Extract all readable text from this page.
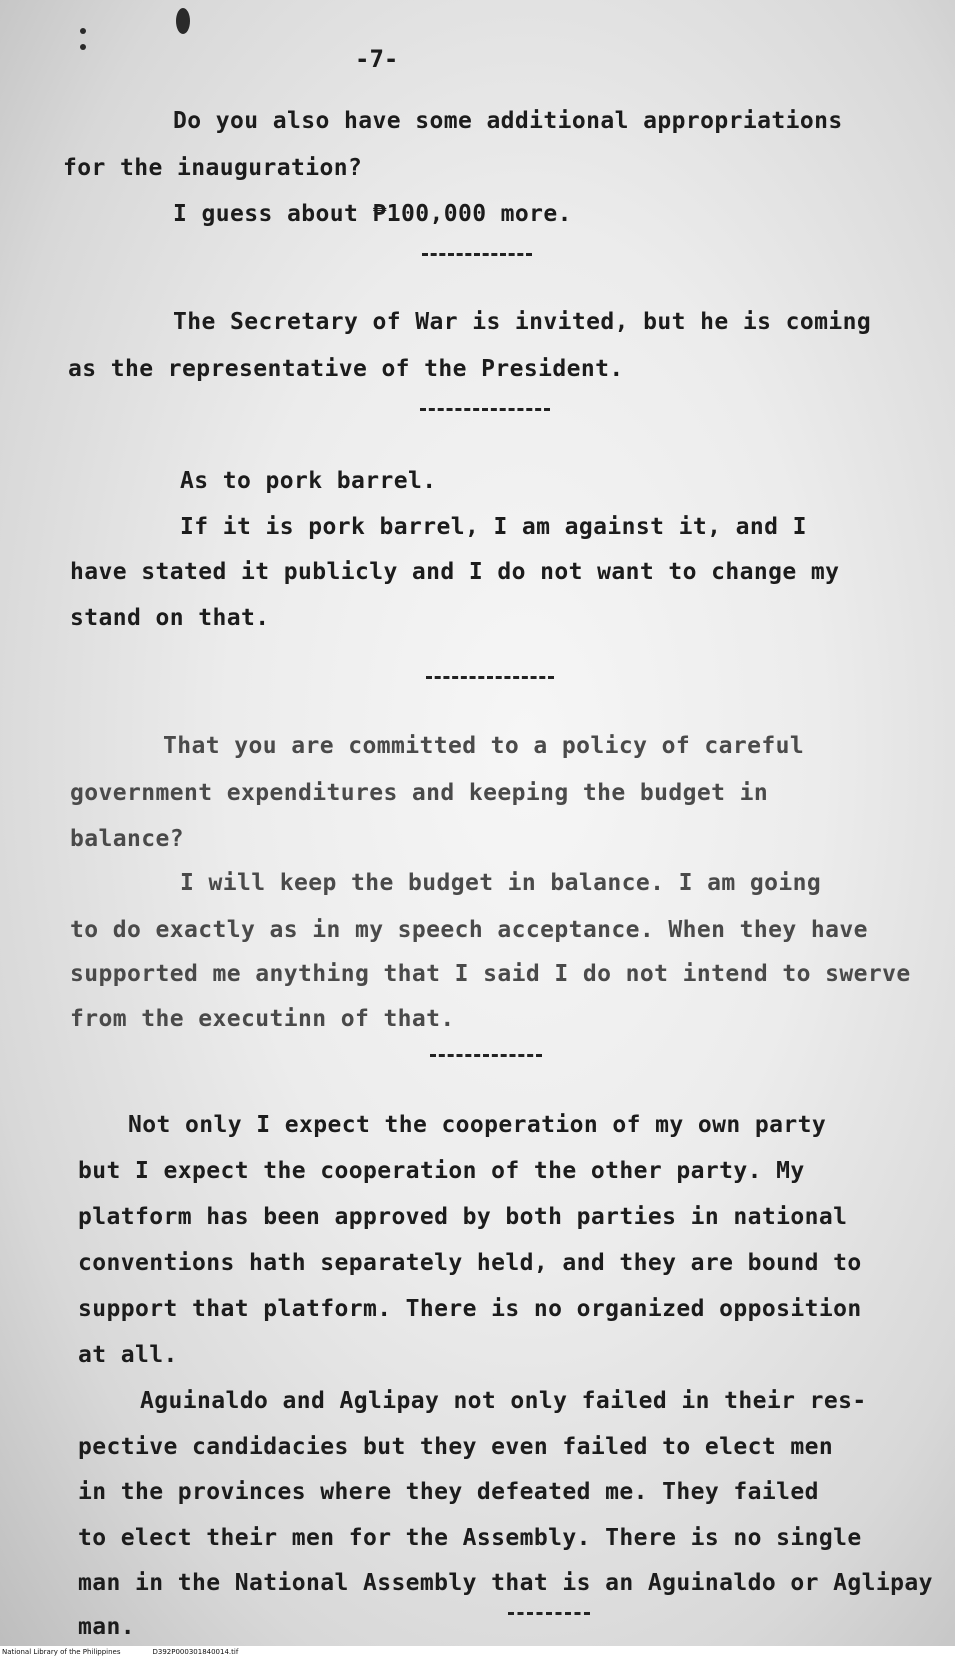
-7-
Do you also have some additional appropriations
for the inauguration?
I guess about ₱100,000 more.
The Secretary of War is invited, but he is coming
as the representative of the President.
As to pork barrel.
If it is pork barrel, I am against it, and I
have stated it publicly and I do not want to change my
stand on that.
That you are committed to a policy of careful
government expenditures and keeping the budget in
balance?
I will keep the budget in balance. I am going
to do exactly as in my speech acceptance. When they have
supported me anything that I said I do not intend to swerve
from the executinn of that.
Not only I expect the cooperation of my own party
but I expect the cooperation of the other party. My
platform has been approved by both parties in national
conventions hath separately held, and they are bound to
support that platform. There is no organized opposition
at all.
Aguinaldo and Aglipay not only failed in their res-
pective candidacies but they even failed to elect men
in the provinces where they defeated me. They failed
to elect their men for the Assembly. There is no single
man in the National Assembly that is an Aguinaldo or Aglipay
man.
National Library of the Philippines	D392P000301840014.tif
